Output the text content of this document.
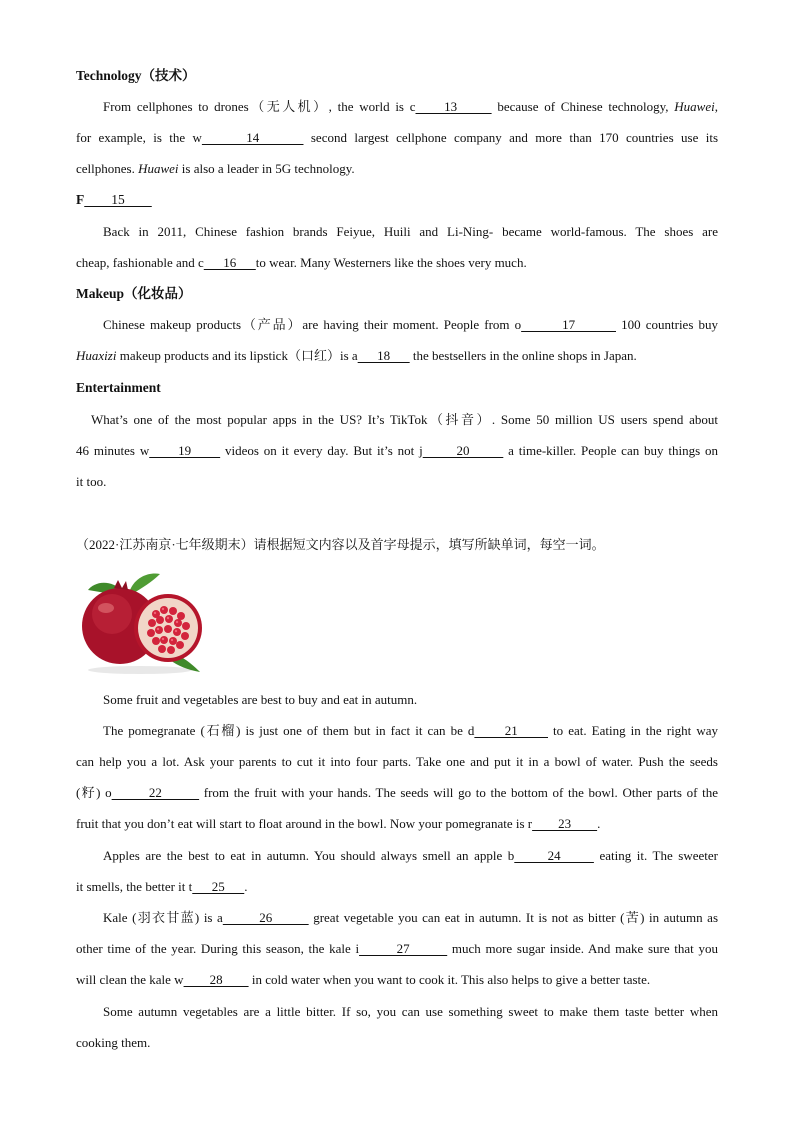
Technology（技术）
From cellphones to drones（无人机）, the world is c     13       because of Chinese technology, Huawei,
for example, is the w      14       second largest cellphone company and more than 170 countries use its
cellphones. Huawei is also a leader in 5G technology.
F        15
Back in 2011, Chinese fashion brands Feiyue, Huili and Li-Ning- became world-famous. The shoes are
cheap, fashionable and c      16      to wear. Many Westerners like the shoes very much.
Makeup（化妆品）
Chinese makeup products（产品）are having their moment. People from o        17         100 countries buy
Huaxizi makeup products and its lipstick（口红）is a      18       the bestsellers in the online shops in Japan.
Entertainment
What’s one of the most popular apps in the US? It’s TikTok（抖音）. Some 50 million US users spend about
46 minutes w      19       videos on it every day. But it’s not j       20        a time-killer. People can buy things on
it too.
（2022·江苏南京·七年级期末）请根据短文内容以及首字母提示，填写所缺单词，每空一词。
Some fruit and vegetables are best to buy and eat in autumn.
The pomegranate (石榴) is just one of them but in fact it can be d      21       to eat. Eating in the right way
can help you a lot. Ask your parents to cut it into four parts. Take one and put it in a bowl of water. Push the seeds
(籽) o        22         from the fruit with your hands. The seeds will go to the bottom of the bowl. Other parts of the
fruit that you don’t eat will start to float around in the bowl. Now your pomegranate is r        23        .
Apples are the best to eat in autumn. You should always smell an apple b      24       eating it. The sweeter
it smells, the better it t      25      .
Kale (羽衣甘蓝) is a        26         great vegetable you can eat in autumn. It is not as bitter (苦) in autumn as
other time of the year. During this season, the kale i        27         much more sugar inside. And make sure that you
will clean the kale w        28         in cold water when you want to cook it. This also helps to give a better taste.
Some autumn vegetables are a little bitter. If so, you can use something sweet to make them taste better when
cooking them.
